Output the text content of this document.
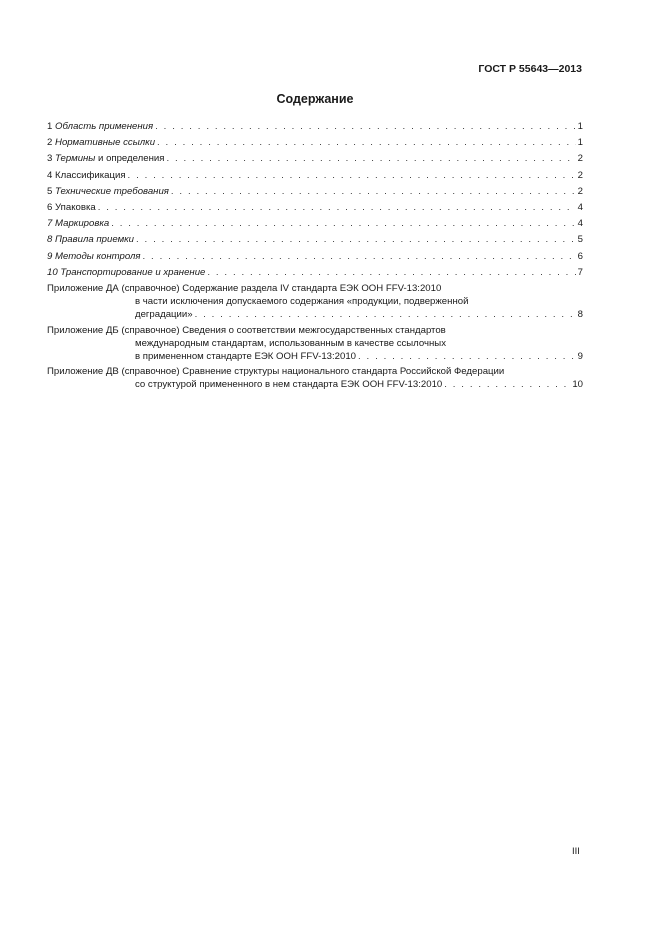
ГОСТ Р 55643—2013
Содержание
1 Область применения . . .	1
2 Нормативные ссылки . . .	1
3 Термины и определения . . .	2
4 Классификация . . .	2
5 Технические требования . . .	2
6 Упаковка . . .	4
7 Маркировка . . .	4
8 Правила приемки . . .	5
9 Методы контроля . . .	6
10 Транспортирование и хранение . . .	7
Приложение ДА (справочное) Содержание раздела IV стандарта ЕЭК ООН FFV-13:2010
в части исключения допускаемого содержания «продукции, подверженной
деградации» . . .	8
Приложение ДБ (справочное) Сведения о соответствии межгосударственных стандартов
международным стандартам, использованным в качестве ссылочных
в примененном стандарте ЕЭК ООН FFV-13:2010 . . .	9
Приложение ДВ (справочное) Сравнение структуры национального стандарта Российской Федерации
со структурой примененного в нем стандарта ЕЭК ООН FFV-13:2010 . . .	10
III
